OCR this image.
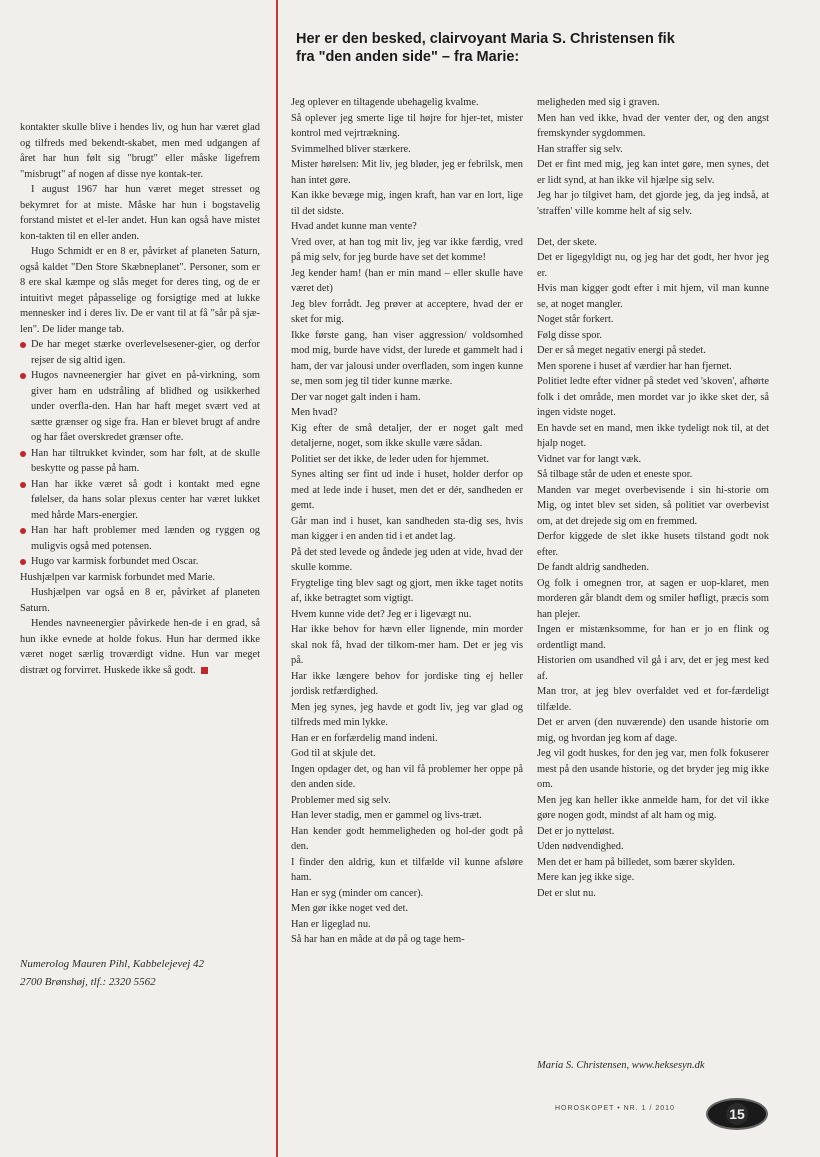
Her er den besked, clairvoyant Maria S. Christensen fik
fra "den anden side" – fra Marie:

kontakter skulle blive i hendes liv, og hun har været glad og tilfreds med bekendt-skabet, men med udgangen af året har hun følt sig "brugt" eller måske ligefrem "misbrugt" af nogen af disse nye kontak-ter.

I august 1967 har hun været meget stresset og bekymret for at miste. Måske har hun i bogstavelig forstand mistet et el-ler andet. Hun kan også have mistet kon-takten til en eller anden.

Hugo Schmidt er en 8 er, påvirket af planeten Saturn, også kaldet "Den Store Skæbneplanet". Personer, som er 8 ere skal kæmpe og slås meget for deres ting, og de er intuitivt meget påpasselige og forsigtige med at lukke mennesker ind i deres liv. De er vant til at få "sår på sjæ-len". De lider mange tab.

De har meget stærke overlevelsesener-gier, og derfor rejser de sig altid igen.

Hugos navneenergier har givet en på-virkning, som giver ham en udstråling af blidhed og usikkerhed under overfla-den. Han har haft meget svært ved at sætte grænser og sige fra. Han er blevet brugt af andre og har fået overskredet grænser ofte.

Han har tiltrukket kvinder, som har følt, at de skulle beskytte og passe på ham.

Han har ikke været så godt i kontakt med egne følelser, da hans solar plexus center har været lukket med hårde Mars-energier.

Han har haft problemer med lænden og ryggen og muligvis også med potensen.

Hugo var karmisk forbundet med Oscar.

Hushjælpen var karmisk forbundet med Marie.

Hushjælpen var også en 8 er, påvirket af planeten Saturn.

Hendes navneenergier påvirkede hen-de i en grad, så hun ikke evnede at holde fokus. Hun har dermed ikke været noget særlig troværdigt vidne. Hun var meget distræt og forvirret. Huskede ikke så godt.

Numerolog Mauren Pihl, Kabbelejevej 42
2700 Brønshøj, tlf.: 2320 5562

Jeg oplever en tiltagende ubehagelig kvalme.

Så oplever jeg smerte lige til højre for hjer-tet, mister kontrol med vejrtrækning.

Svimmelhed bliver stærkere.

Mister hørelsen: Mit liv, jeg bløder, jeg er febrilsk, men han intet gøre.

Kan ikke bevæge mig, ingen kraft, han var en lort, lige til det sidste.

Hvad andet kunne man vente?

Vred over, at han tog mit liv, jeg var ikke færdig, vred på mig selv, for jeg burde have set det komme!

Jeg kender ham! (han er min mand – eller skulle have været det)

Jeg blev forrådt. Jeg prøver at acceptere, hvad der er sket for mig.

Ikke første gang, han viser aggression/ voldsomhed mod mig, burde have vidst, der lurede et gammelt had i ham, der var jalousi under overfladen, som ingen kunne se, men som jeg til tider kunne mærke.

Der var noget galt inden i ham.

Men hvad?

Kig efter de små detaljer, der er noget galt med detaljerne, noget, som ikke skulle være sådan.

Politiet ser det ikke, de leder uden for hjemmet.

Synes alting ser fint ud inde i huset, holder derfor op med at lede inde i huset, men det er dér, sandheden er gemt.

Går man ind i huset, kan sandheden sta-dig ses, hvis man kigger i en anden tid i et andet lag.

På det sted levede og åndede jeg uden at vide, hvad der skulle komme.

Frygtelige ting blev sagt og gjort, men ikke taget notits af, ikke betragtet som vigtigt.

Hvem kunne vide det? Jeg er i ligevægt nu.

Har ikke behov for hævn eller lignende, min morder skal nok få, hvad der tilkom-mer ham. Det er jeg vis på.

Har ikke længere behov for jordiske ting ej heller jordisk retfærdighed.

Men jeg synes, jeg havde et godt liv, jeg var glad og tilfreds med min lykke.

Han er en forfærdelig mand indeni.

God til at skjule det.

Ingen opdager det, og han vil få problemer her oppe på den anden side.

Problemer med sig selv.

Han lever stadig, men er gammel og livs-træt.

Han kender godt hemmeligheden og hol-der godt på den.

I finder den aldrig, kun et tilfælde vil kunne afsløre ham.

Han er syg (minder om cancer).

Men gør ikke noget ved det.

Han er ligeglad nu.

Så har han en måde at dø på og tage hem-

meligheden med sig i graven.

Men han ved ikke, hvad der venter der, og den angst fremskynder sygdommen.

Han straffer sig selv.

Det er fint med mig, jeg kan intet gøre, men synes, det er lidt synd, at han ikke vil hjælpe sig selv.

Jeg har jo tilgivet ham, det gjorde jeg, da jeg indså, at 'straffen' ville komme helt af sig selv.

Det, der skete.

Det er ligegyldigt nu, og jeg har det godt, her hvor jeg er.

Hvis man kigger godt efter i mit hjem, vil man kunne se, at noget mangler.

Noget står forkert.

Følg disse spor.

Der er så meget negativ energi på stedet.

Men sporene i huset af værdier har han fjernet.

Politiet ledte efter vidner på stedet ved 'skoven', afhørte folk i det område, men mordet var jo ikke sket der, så ingen vidste noget.

En havde set en mand, men ikke tydeligt nok til, at det hjalp noget.

Vidnet var for langt væk.

Så tilbage står de uden et eneste spor.

Manden var meget overbevisende i sin hi-storie om Mig, og intet blev set siden, så politiet var overbevist om, at det drejede sig om en fremmed.

Derfor kiggede de slet ikke husets tilstand godt nok efter.

De fandt aldrig sandheden.

Og folk i omegnen tror, at sagen er uop-klaret, men morderen går blandt dem og smiler høfligt, præcis som han plejer.

Ingen er mistænksomme, for han er jo en flink og ordentligt mand.

Historien om usandhed vil gå i arv, det er jeg mest ked af.

Man tror, at jeg blev overfaldet ved et for-færdeligt tilfælde.

Det er arven (den nuværende) den usande historie om mig, og hvordan jeg kom af dage.

Jeg vil godt huskes, for den jeg var, men folk fokuserer mest på den usande historie, og det bryder jeg mig ikke om.

Men jeg kan heller ikke anmelde ham, for det vil ikke gøre nogen godt, mindst af alt ham og mig.

Det er jo nytteløst.

Uden nødvendighed.

Men det er ham på billedet, som bærer skylden.

Mere kan jeg ikke sige.

Det er slut nu.

Maria S. Christensen, www.heksesyn.dk
HOROSKOPET • NR. 1 / 2010	15
